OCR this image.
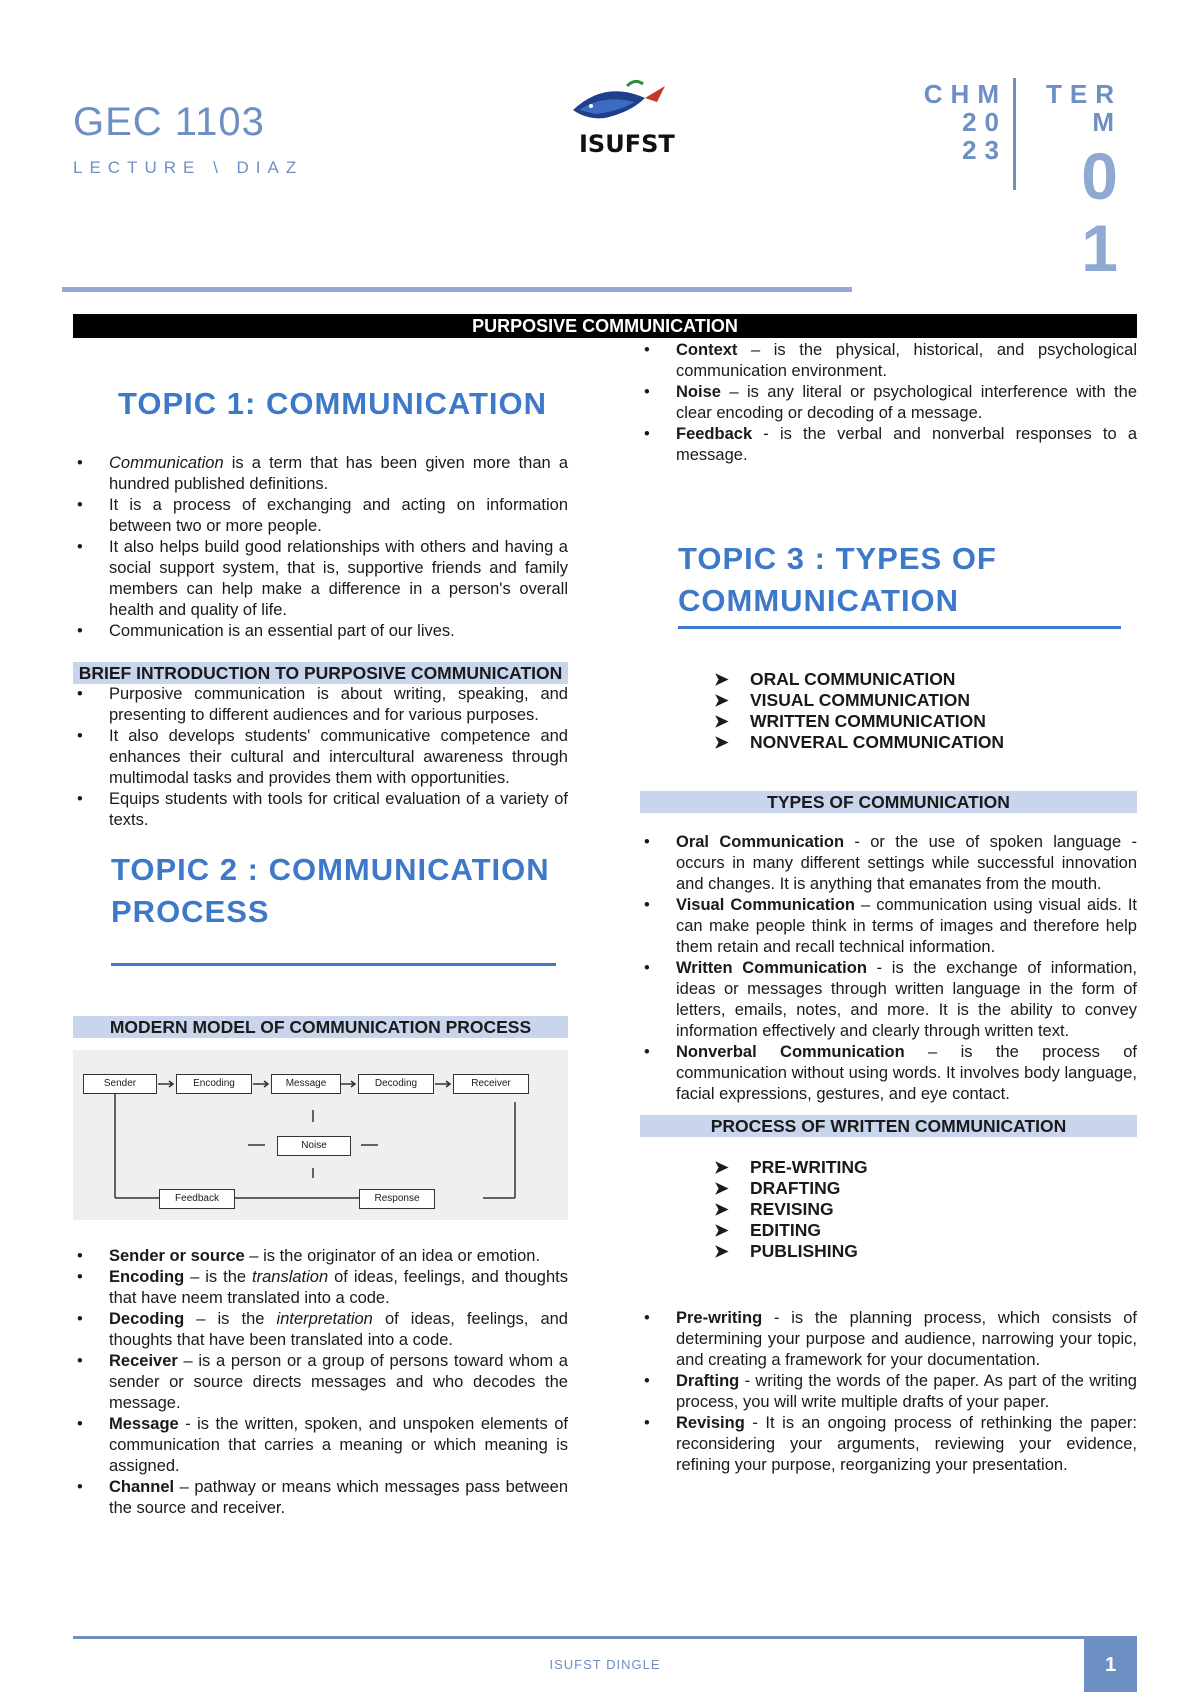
GEC 1103
LECTURE \ DIAZ
ISUFST
CHM
20
23
TER
M
0
1
PURPOSIVE COMMUNICATION
TOPIC 1: COMMUNICATION
• Communication is a term that has been given more than a hundred published definitions.
• It is a process of exchanging and acting on information between two or more people.
• It also helps build good relationships with others and having a social support system, that is, supportive friends and family members can help make a difference in a person's overall health and quality of life.
• Communication is an essential part of our lives.
BRIEF INTRODUCTION TO PURPOSIVE COMMUNICATION
• Purposive communication is about writing, speaking, and presenting to different audiences and for various purposes.
• It also develops students' communicative competence and enhances their cultural and intercultural awareness through multimodal tasks and provides them with opportunities.
• Equips students with tools for critical evaluation of a variety of texts.
TOPIC 2 : COMMUNICATION
PROCESS
MODERN MODEL OF COMMUNICATION PROCESS
Sender	Encoding	Message	Decoding	Receiver
Noise
Feedback	Response
• Sender or source – is the originator of an idea or emotion.
• Encoding – is the translation of ideas, feelings, and thoughts that have neem translated into a code.
• Decoding – is the interpretation of ideas, feelings, and thoughts that have been translated into a code.
• Receiver – is a person or a group of persons toward whom a sender or source directs messages and who decodes the message.
• Message - is the written, spoken, and unspoken elements of communication that carries a meaning or which meaning is assigned.
• Channel – pathway or means which messages pass between the source and receiver.
• Context – is the physical, historical, and psychological communication environment.
• Noise – is any literal or psychological interference with the clear encoding or decoding of a message.
• Feedback - is the verbal and nonverbal responses to a message.
TOPIC 3 : TYPES OF
COMMUNICATION
➤ ORAL COMMUNICATION
➤ VISUAL COMMUNICATION
➤ WRITTEN COMMUNICATION
➤ NONVERAL COMMUNICATION
TYPES OF COMMUNICATION
• Oral Communication - or the use of spoken language - occurs in many different settings while successful innovation and changes. It is anything that emanates from the mouth.
• Visual Communication – communication using visual aids. It can make people think in terms of images and therefore help them retain and recall technical information.
• Written Communication - is the exchange of information, ideas or messages through written language in the form of letters, emails, notes, and more. It is the ability to convey information effectively and clearly through written text.
• Nonverbal Communication – is the process of communication without using words. It involves body language, facial expressions, gestures, and eye contact.
PROCESS OF WRITTEN COMMUNICATION
➤ PRE-WRITING
➤ DRAFTING
➤ REVISING
➤ EDITING
➤ PUBLISHING
• Pre-writing - is the planning process, which consists of determining your purpose and audience, narrowing your topic, and creating a framework for your documentation.
• Drafting - writing the words of the paper. As part of the writing process, you will write multiple drafts of your paper.
• Revising - It is an ongoing process of rethinking the paper: reconsidering your arguments, reviewing your evidence, refining your purpose, reorganizing your presentation.
ISUFST DINGLE	1
